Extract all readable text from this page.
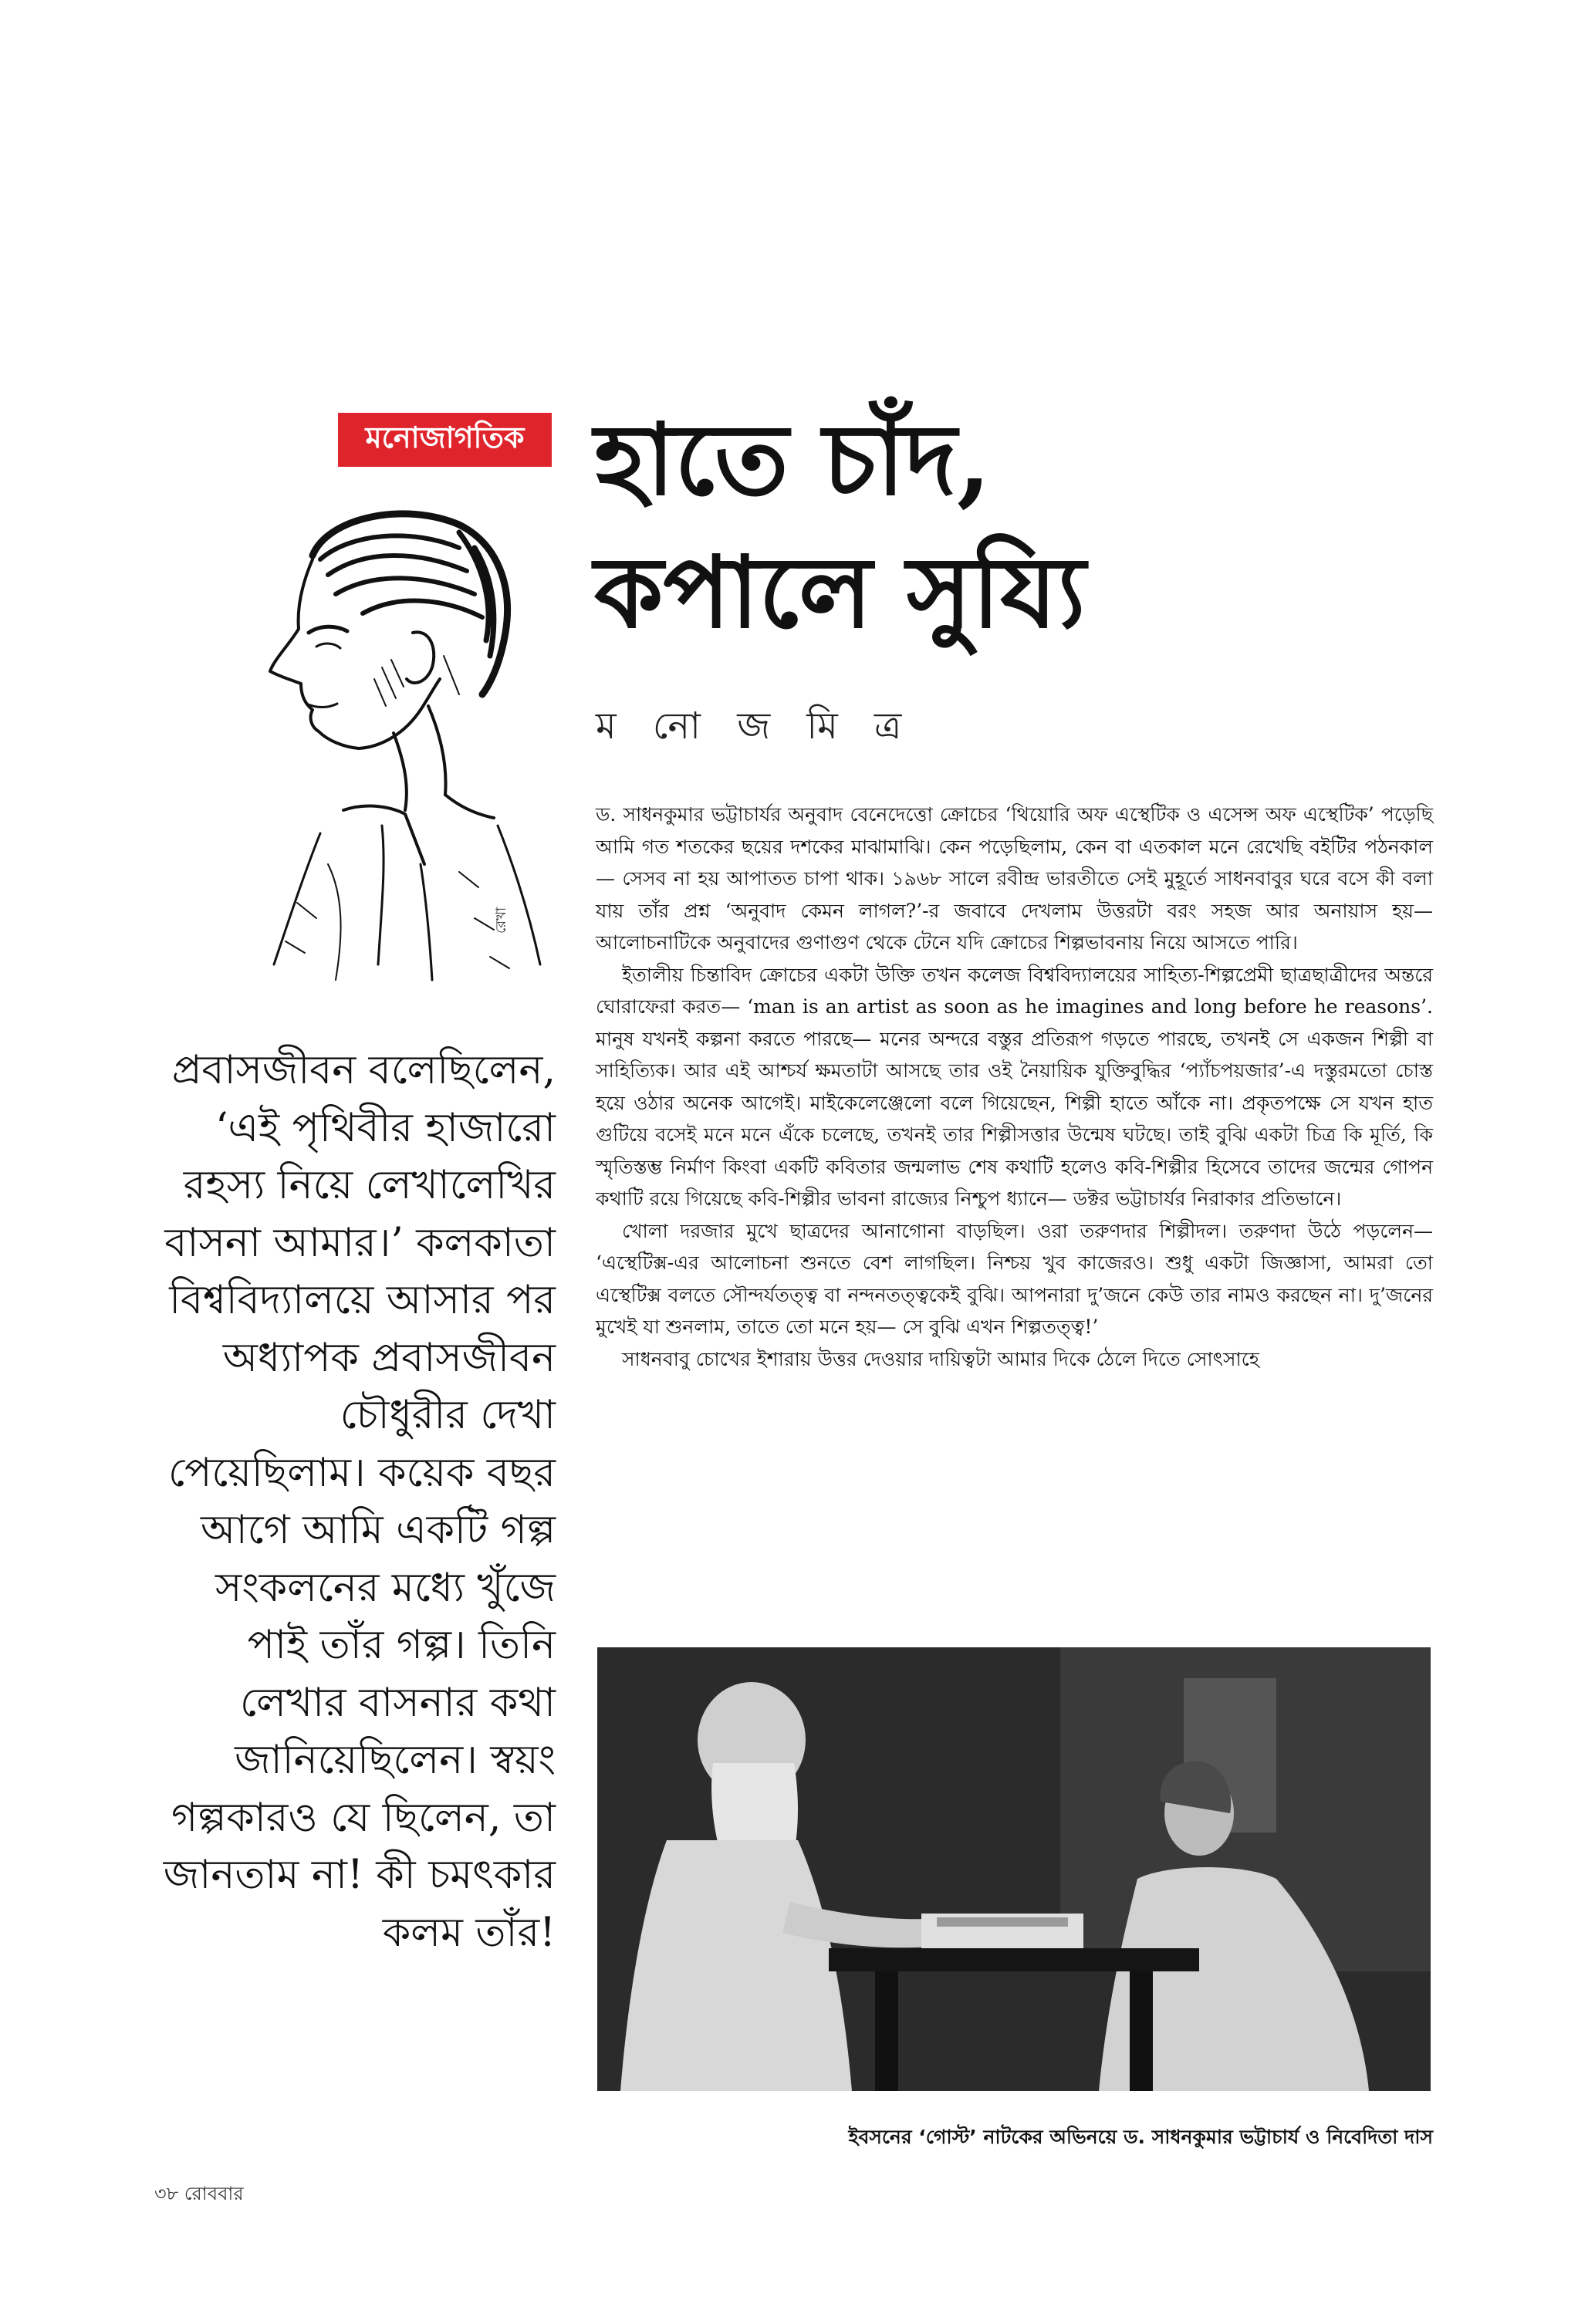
মনোজাগতিক হাতে চাঁদ,
কপালে সুয্যি
ম নো জ মি ত্র
রেখা
প্রবাসজীবন বলেছিলেন, ‘এই পৃথিবীর হাজারো রহস্য নিয়ে লেখালেখির বাসনা আমার।’ কলকাতা বিশ্ববিদ্যালয়ে আসার পর অধ্যাপক প্রবাসজীবন চৌধুরীর দেখা পেয়েছিলাম। কয়েক বছর আগে আমি একটি গল্প সংকলনের মধ্যে খুঁজে পাই তাঁর গল্প। তিনি লেখার বাসনার কথা জানিয়েছিলেন। স্বয়ং গল্পকারও যে ছিলেন, তা জানতাম না! কী চমৎকার কলম তাঁর!

ড. সাধনকুমার ভট্টাচার্যর অনুবাদ বেনেদেত্তো ক্রোচের ‘থিয়োরি অফ এস্থেটিক ও এসেন্স অফ এস্থেটিক’ পড়েছি আমি গত শতকের ছয়ের দশকের মাঝামাঝি। কেন পড়েছিলাম, কেন বা এতকাল মনে রেখেছি বইটির পঠনকাল— সেসব না হয় আপাতত চাপা থাক। ১৯৬৮ সালে রবীন্দ্র ভারতীতে সেই মুহূর্তে সাধনবাবুর ঘরে বসে কী বলা যায় তাঁর প্রশ্ন ‘অনুবাদ কেমন লাগল?’-র জবাবে দেখলাম উত্তরটা বরং সহজ আর অনায়াস হয়— আলোচনাটিকে অনুবাদের গুণাগুণ থেকে টেনে যদি ক্রোচের শিল্পভাবনায় নিয়ে আসতে পারি।

ইতালীয় চিন্তাবিদ ক্রোচের একটা উক্তি তখন কলেজ বিশ্ববিদ্যালয়ের সাহিত্য-শিল্পপ্রেমী ছাত্রছাত্রীদের অন্তরে ঘোরাফেরা করত— ‘man is an artist as soon as he imagines and long before he reasons’. মানুষ যখনই কল্পনা করতে পারছে— মনের অন্দরে বস্তুর প্রতিরূপ গড়তে পারছে, তখনই সে একজন শিল্পী বা সাহিত্যিক। আর এই আশ্চর্য ক্ষমতাটা আসছে তার ওই নৈয়ায়িক যুক্তিবুদ্ধির ‘প্যাঁচপয়জার’-এ দস্তুরমতো চোস্ত হয়ে ওঠার অনেক আগেই। মাইকেলেঞ্জেলো বলে গিয়েছেন, শিল্পী হাতে আঁকে না। প্রকৃতপক্ষে সে যখন হাত গুটিয়ে বসেই মনে মনে এঁকে চলেছে, তখনই তার শিল্পীসত্তার উন্মেষ ঘটছে। তাই বুঝি একটা চিত্র কি মূর্তি, কি স্মৃতিস্তম্ভ নির্মাণ কিংবা একটি কবিতার জন্মলাভ শেষ কথাটি হলেও কবি-শিল্পীর হিসেবে তাদের জন্মের গোপন কথাটি রয়ে গিয়েছে কবি-শিল্পীর ভাবনা রাজ্যের নিশ্চুপ ধ্যানে— ডক্টর ভট্টাচার্যর নিরাকার প্রতিভানে।

খোলা দরজার মুখে ছাত্রদের আনাগোনা বাড়ছিল। ওরা তরুণদার শিল্পীদল। তরুণদা উঠে পড়লেন— ‘এস্থেটিক্স-এর আলোচনা শুনতে বেশ লাগছিল। নিশ্চয় খুব কাজেরও। শুধু একটা জিজ্ঞাসা, আমরা তো এস্থেটিক্স বলতে সৌন্দর্যতত্ত্ব বা নন্দনতত্ত্বকেই বুঝি। আপনারা দু’জনে কেউ তার নামও করছেন না। দু’জনের মুখেই যা শুনলাম, তাতে তো মনে হয়— সে বুঝি এখন শিল্পতত্ত্ব!’

সাধনবাবু চোখের ইশারায় উত্তর দেওয়ার দায়িত্বটা আমার দিকে ঠেলে দিতে সোৎসাহে

ইবসনের ‘গোস্ট’ নাটকের অভিনয়ে ড. সাধনকুমার ভট্টাচার্য ও নিবেদিতা দাস
৩৮ রোববার
